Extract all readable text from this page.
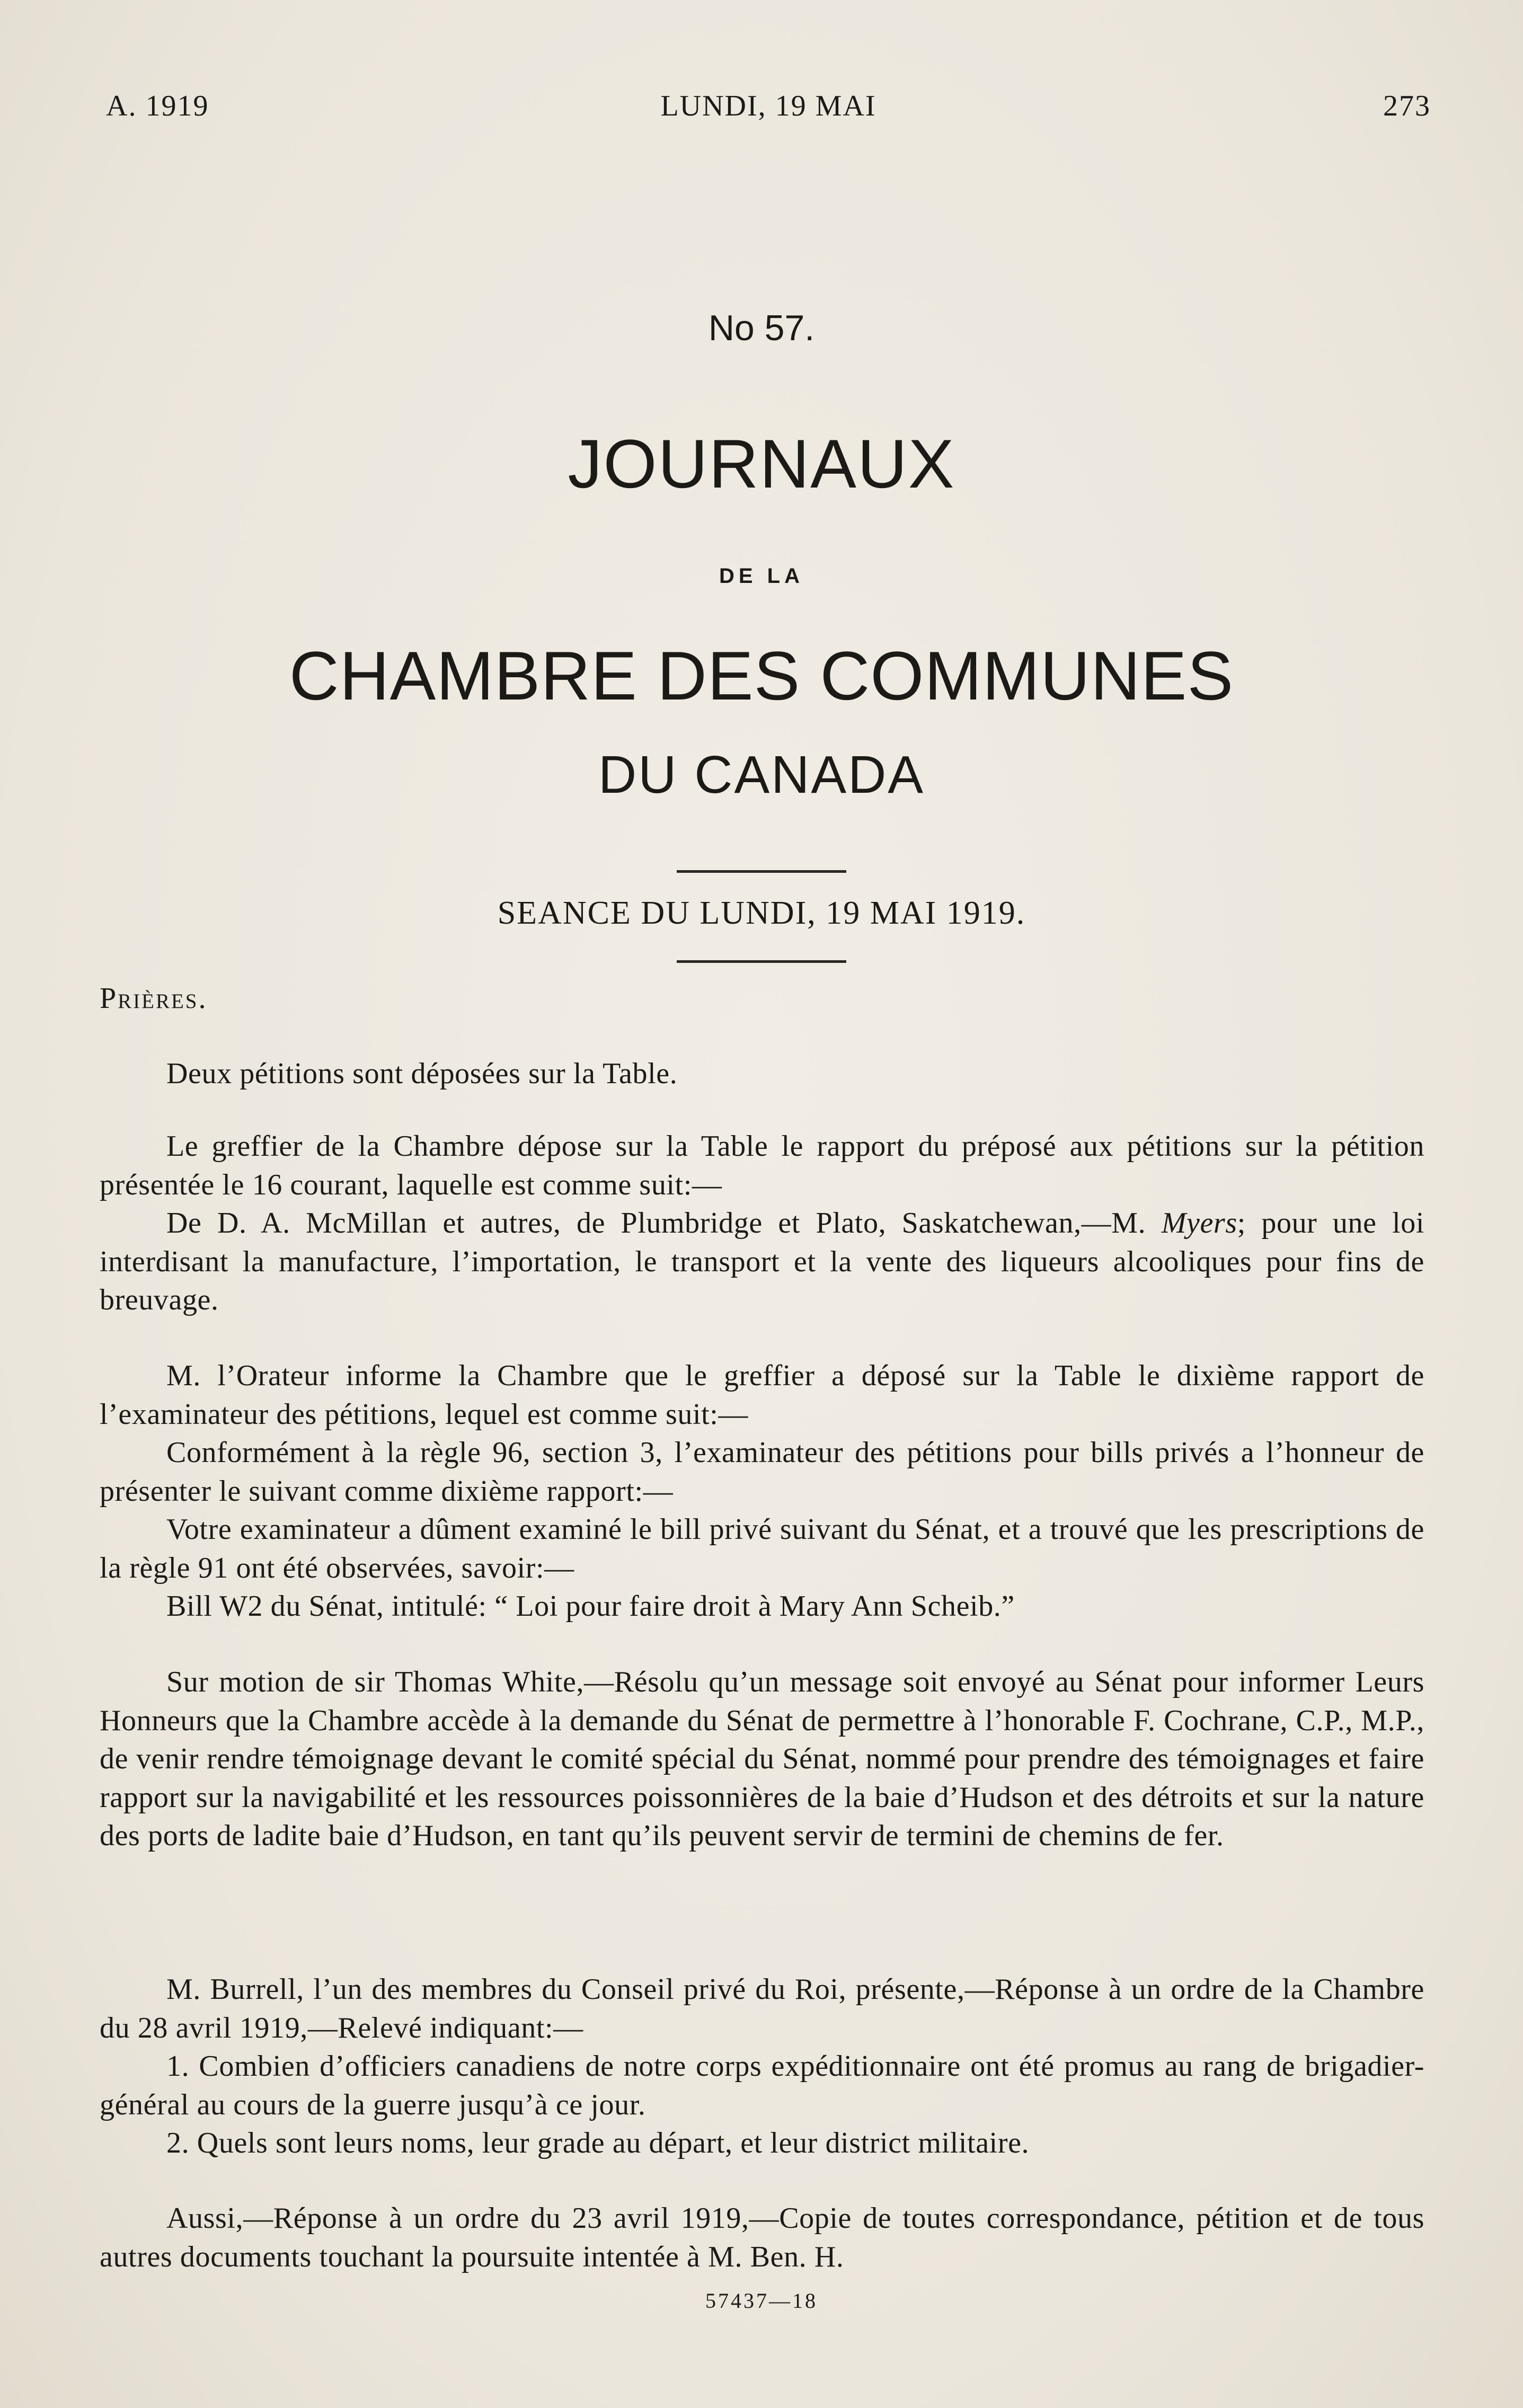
A. 1919	LUNDI, 19 MAI	273
No 57.
JOURNAUX
DE LA
CHAMBRE DES COMMUNES
DU CANADA
SEANCE DU LUNDI, 19 MAI 1919.

Prières.

Deux pétitions sont déposées sur la Table.

Le greffier de la Chambre dépose sur la Table le rapport du préposé aux pétitions sur la pétition présentée le 16 courant, laquelle est comme suit:—

De D. A. McMillan et autres, de Plumbridge et Plato, Saskatchewan,—M. Myers; pour une loi interdisant la manufacture, l’importation, le transport et la vente des liqueurs alcooliques pour fins de breuvage.

M. l’Orateur informe la Chambre que le greffier a déposé sur la Table le dixième rapport de l’examinateur des pétitions, lequel est comme suit:—

Conformément à la règle 96, section 3, l’examinateur des pétitions pour bills privés a l’honneur de présenter le suivant comme dixième rapport:—

Votre examinateur a dûment examiné le bill privé suivant du Sénat, et a trouvé que les prescriptions de la règle 91 ont été observées, savoir:—

Bill W2 du Sénat, intitulé: “ Loi pour faire droit à Mary Ann Scheib.”

Sur motion de sir Thomas White,—Résolu qu’un message soit envoyé au Sénat pour informer Leurs Honneurs que la Chambre accède à la demande du Sénat de permettre à l’honorable F. Cochrane, C.P., M.P., de venir rendre témoignage devant le comité spécial du Sénat, nommé pour prendre des témoignages et faire rapport sur la navigabilité et les ressources poissonnières de la baie d’Hudson et des détroits et sur la nature des ports de ladite baie d’Hudson, en tant qu’ils peuvent servir de termini de chemins de fer.

M. Burrell, l’un des membres du Conseil privé du Roi, présente,—Réponse à un ordre de la Chambre du 28 avril 1919,—Relevé indiquant:—

1. Combien d’officiers canadiens de notre corps expéditionnaire ont été promus au rang de brigadier-général au cours de la guerre jusqu’à ce jour.

2. Quels sont leurs noms, leur grade au départ, et leur district militaire.

Aussi,—Réponse à un ordre du 23 avril 1919,—Copie de toutes correspondance, pétition et de tous autres documents touchant la poursuite intentée à M. Ben. H.

57437—18
